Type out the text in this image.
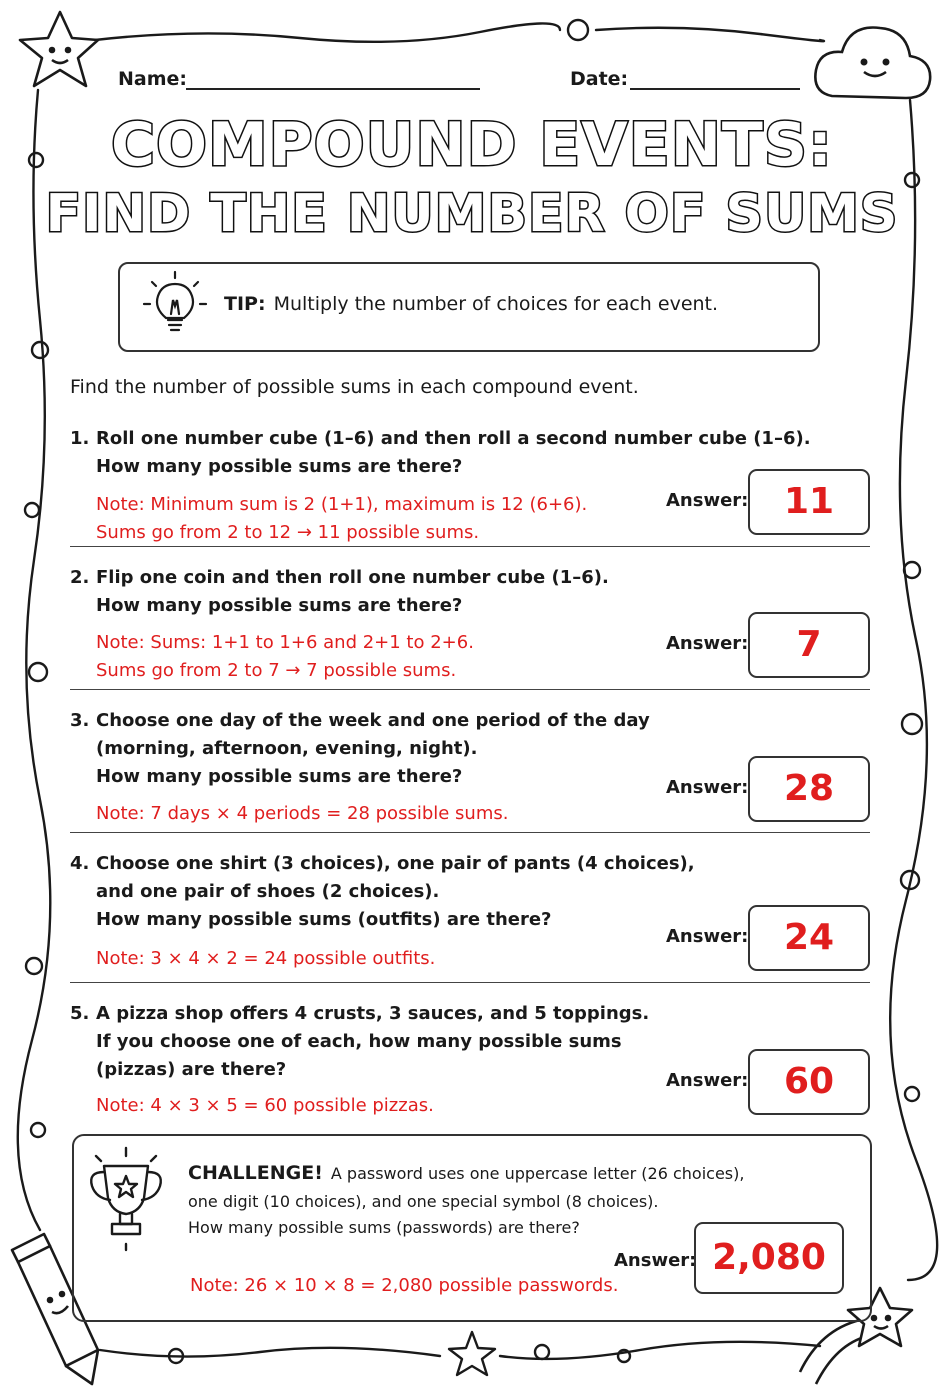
Name:	Date:
COMPOUND EVENTS:
FIND THE NUMBER OF SUMS
TIP: Multiply the number of choices for each event.
Find the number of possible sums in each compound event.
1. Roll one number cube (1–6) and then roll a second number cube (1–6).
How many possible sums are there?
Note: Minimum sum is 2 (1+1), maximum is 12 (6+6).
Sums go from 2 to 12 → 11 possible sums.
Answer: 11
2. Flip one coin and then roll one number cube (1–6).
How many possible sums are there?
Note: Sums: 1+1 to 1+6 and 2+1 to 2+6.
Sums go from 2 to 7 → 7 possible sums.
Answer:	7
3. Choose one day of the week and one period of the day
(morning, afternoon, evening, night).
How many possible sums are there?
Note: 7 days × 4 periods = 28 possible sums.
Answer: 28
4. Choose one shirt (3 choices), one pair of pants (4 choices),
and one pair of shoes (2 choices).
How many possible sums (outfits) are there?
Note: 3 × 4 × 2 = 24 possible outfits.
Answer: 24
5. A pizza shop offers 4 crusts, 3 sauces, and 5 toppings.
If you choose one of each, how many possible sums
(pizzas) are there?
Note: 4 × 3 × 5 = 60 possible pizzas.
Answer: 60
CHALLENGE! A password uses one uppercase letter (26 choices),
one digit (10 choices), and one special symbol (8 choices).
How many possible sums (passwords) are there?
Note: 26 × 10 × 8 = 2,080 possible passwords.
Answer: 2,080
